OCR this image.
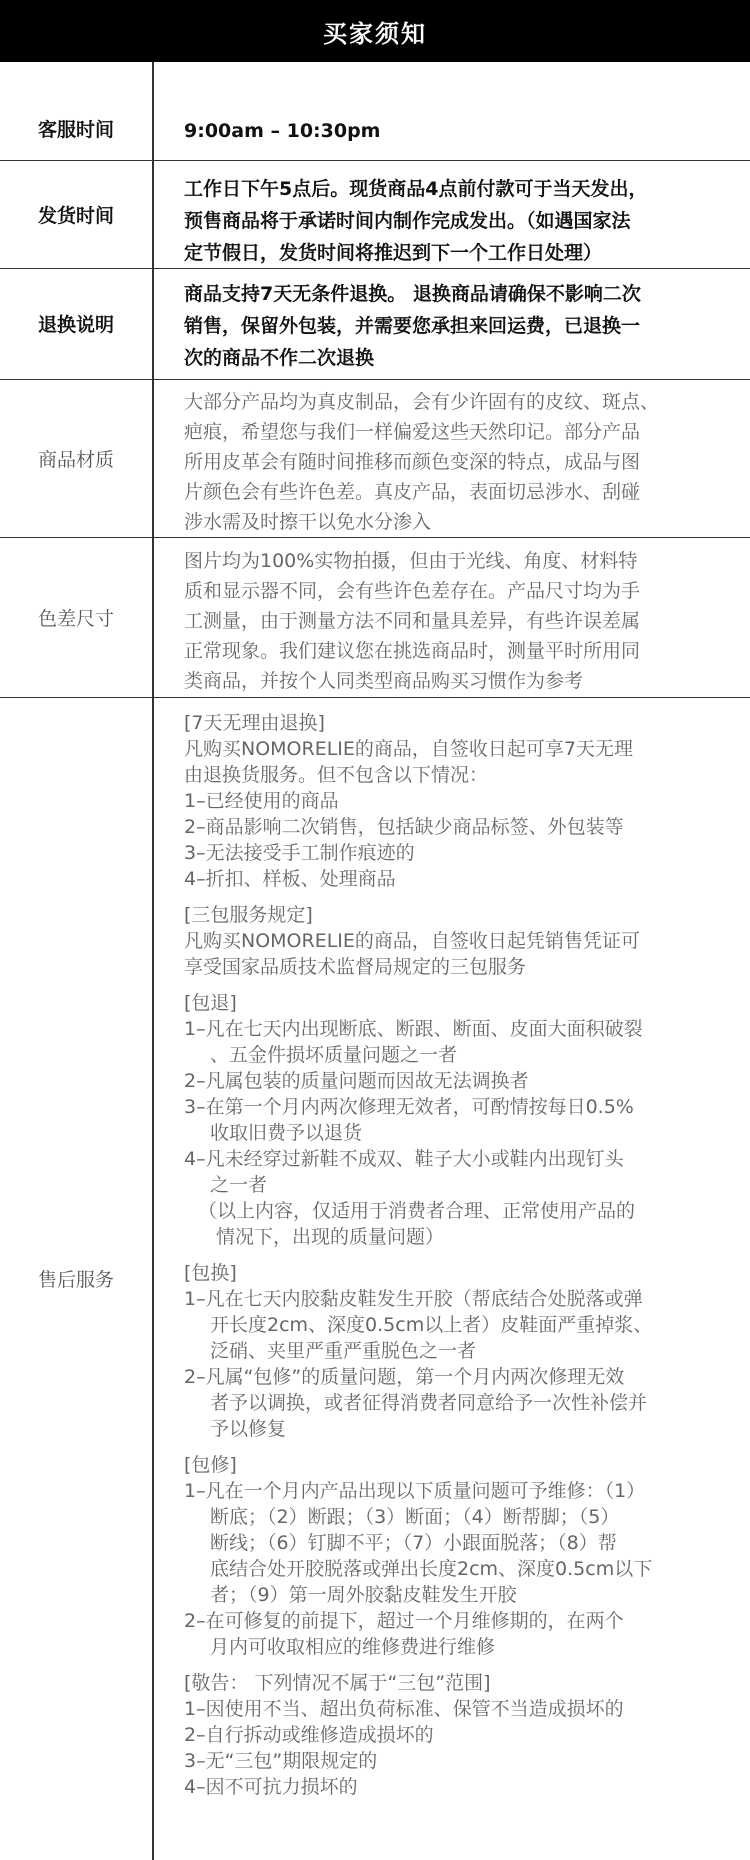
买家须知
客服时间	9:00am – 10:30pm
发货时间
工作日下午5点后。现货商品4点前付款可于当天发出，
预售商品将于承诺时间内制作完成发出。（如遇国家法
定节假日，发货时间将推迟到下一个工作日处理）
退换说明
商品支持7天无条件退换。 退换商品请确保不影响二次
销售，保留外包装，并需要您承担来回运费，已退换一
次的商品不作二次退换
商品材质
大部分产品均为真皮制品，会有少许固有的皮纹、斑点、
疤痕，希望您与我们一样偏爱这些天然印记。部分产品
所用皮革会有随时间推移而颜色变深的特点，成品与图
片颜色会有些许色差。真皮产品，表面切忌涉水、刮碰
涉水需及时擦干以免水分渗入
色差尺寸
图片均为100%实物拍摄，但由于光线、角度、材料特
质和显示器不同，会有些许色差存在。产品尺寸均为手
工测量，由于测量方法不同和量具差异，有些许误差属
正常现象。我们建议您在挑选商品时，测量平时所用同
类商品，并按个人同类型商品购买习惯作为参考
售后服务
[7天无理由退换]
凡购买NOMORELIE的商品，自签收日起可享7天无理
由退换货服务。但不包含以下情况：
1–已经使用的商品
2–商品影响二次销售，包括缺少商品标签、外包装等
3–无法接受手工制作痕迹的
4–折扣、样板、处理商品
[三包服务规定]
凡购买NOMORELIE的商品，自签收日起凭销售凭证可
享受国家品质技术监督局规定的三包服务
[包退]
1–凡在七天内出现断底、断跟、断面、皮面大面积破裂
、五金件损坏质量问题之一者
2–凡属包装的质量问题而因故无法调换者
3–在第一个月内两次修理无效者，可酌情按每日0.5%
收取旧费予以退货
4–凡未经穿过新鞋不成双、鞋子大小或鞋内出现钉头
之一者
（以上内容，仅适用于消费者合理、正常使用产品的
情况下，出现的质量问题）
[包换]
1–凡在七天内胶黏皮鞋发生开胶（帮底结合处脱落或弹
开长度2cm、深度0.5cm以上者）皮鞋面严重掉浆、
泛硝、夹里严重严重脱色之一者
2–凡属“包修”的质量问题，第一个月内两次修理无效
者予以调换，或者征得消费者同意给予一次性补偿并
予以修复
[包修]
1–凡在一个月内产品出现以下质量问题可予维修：（1）
断底；（2）断跟；（3）断面；（4）断帮脚；（5）
断线；（6）钉脚不平；（7）小跟面脱落；（8）帮
底结合处开胶脱落或弹出长度2cm、深度0.5cm以下
者；（9）第一周外胶黏皮鞋发生开胶
2–在可修复的前提下，超过一个月维修期的，在两个
月内可收取相应的维修费进行维修
[敬告： 下列情况不属于“三包”范围]
1–因使用不当、超出负荷标准、保管不当造成损坏的
2–自行拆动或维修造成损坏的
3–无“三包”期限规定的
4–因不可抗力损坏的
